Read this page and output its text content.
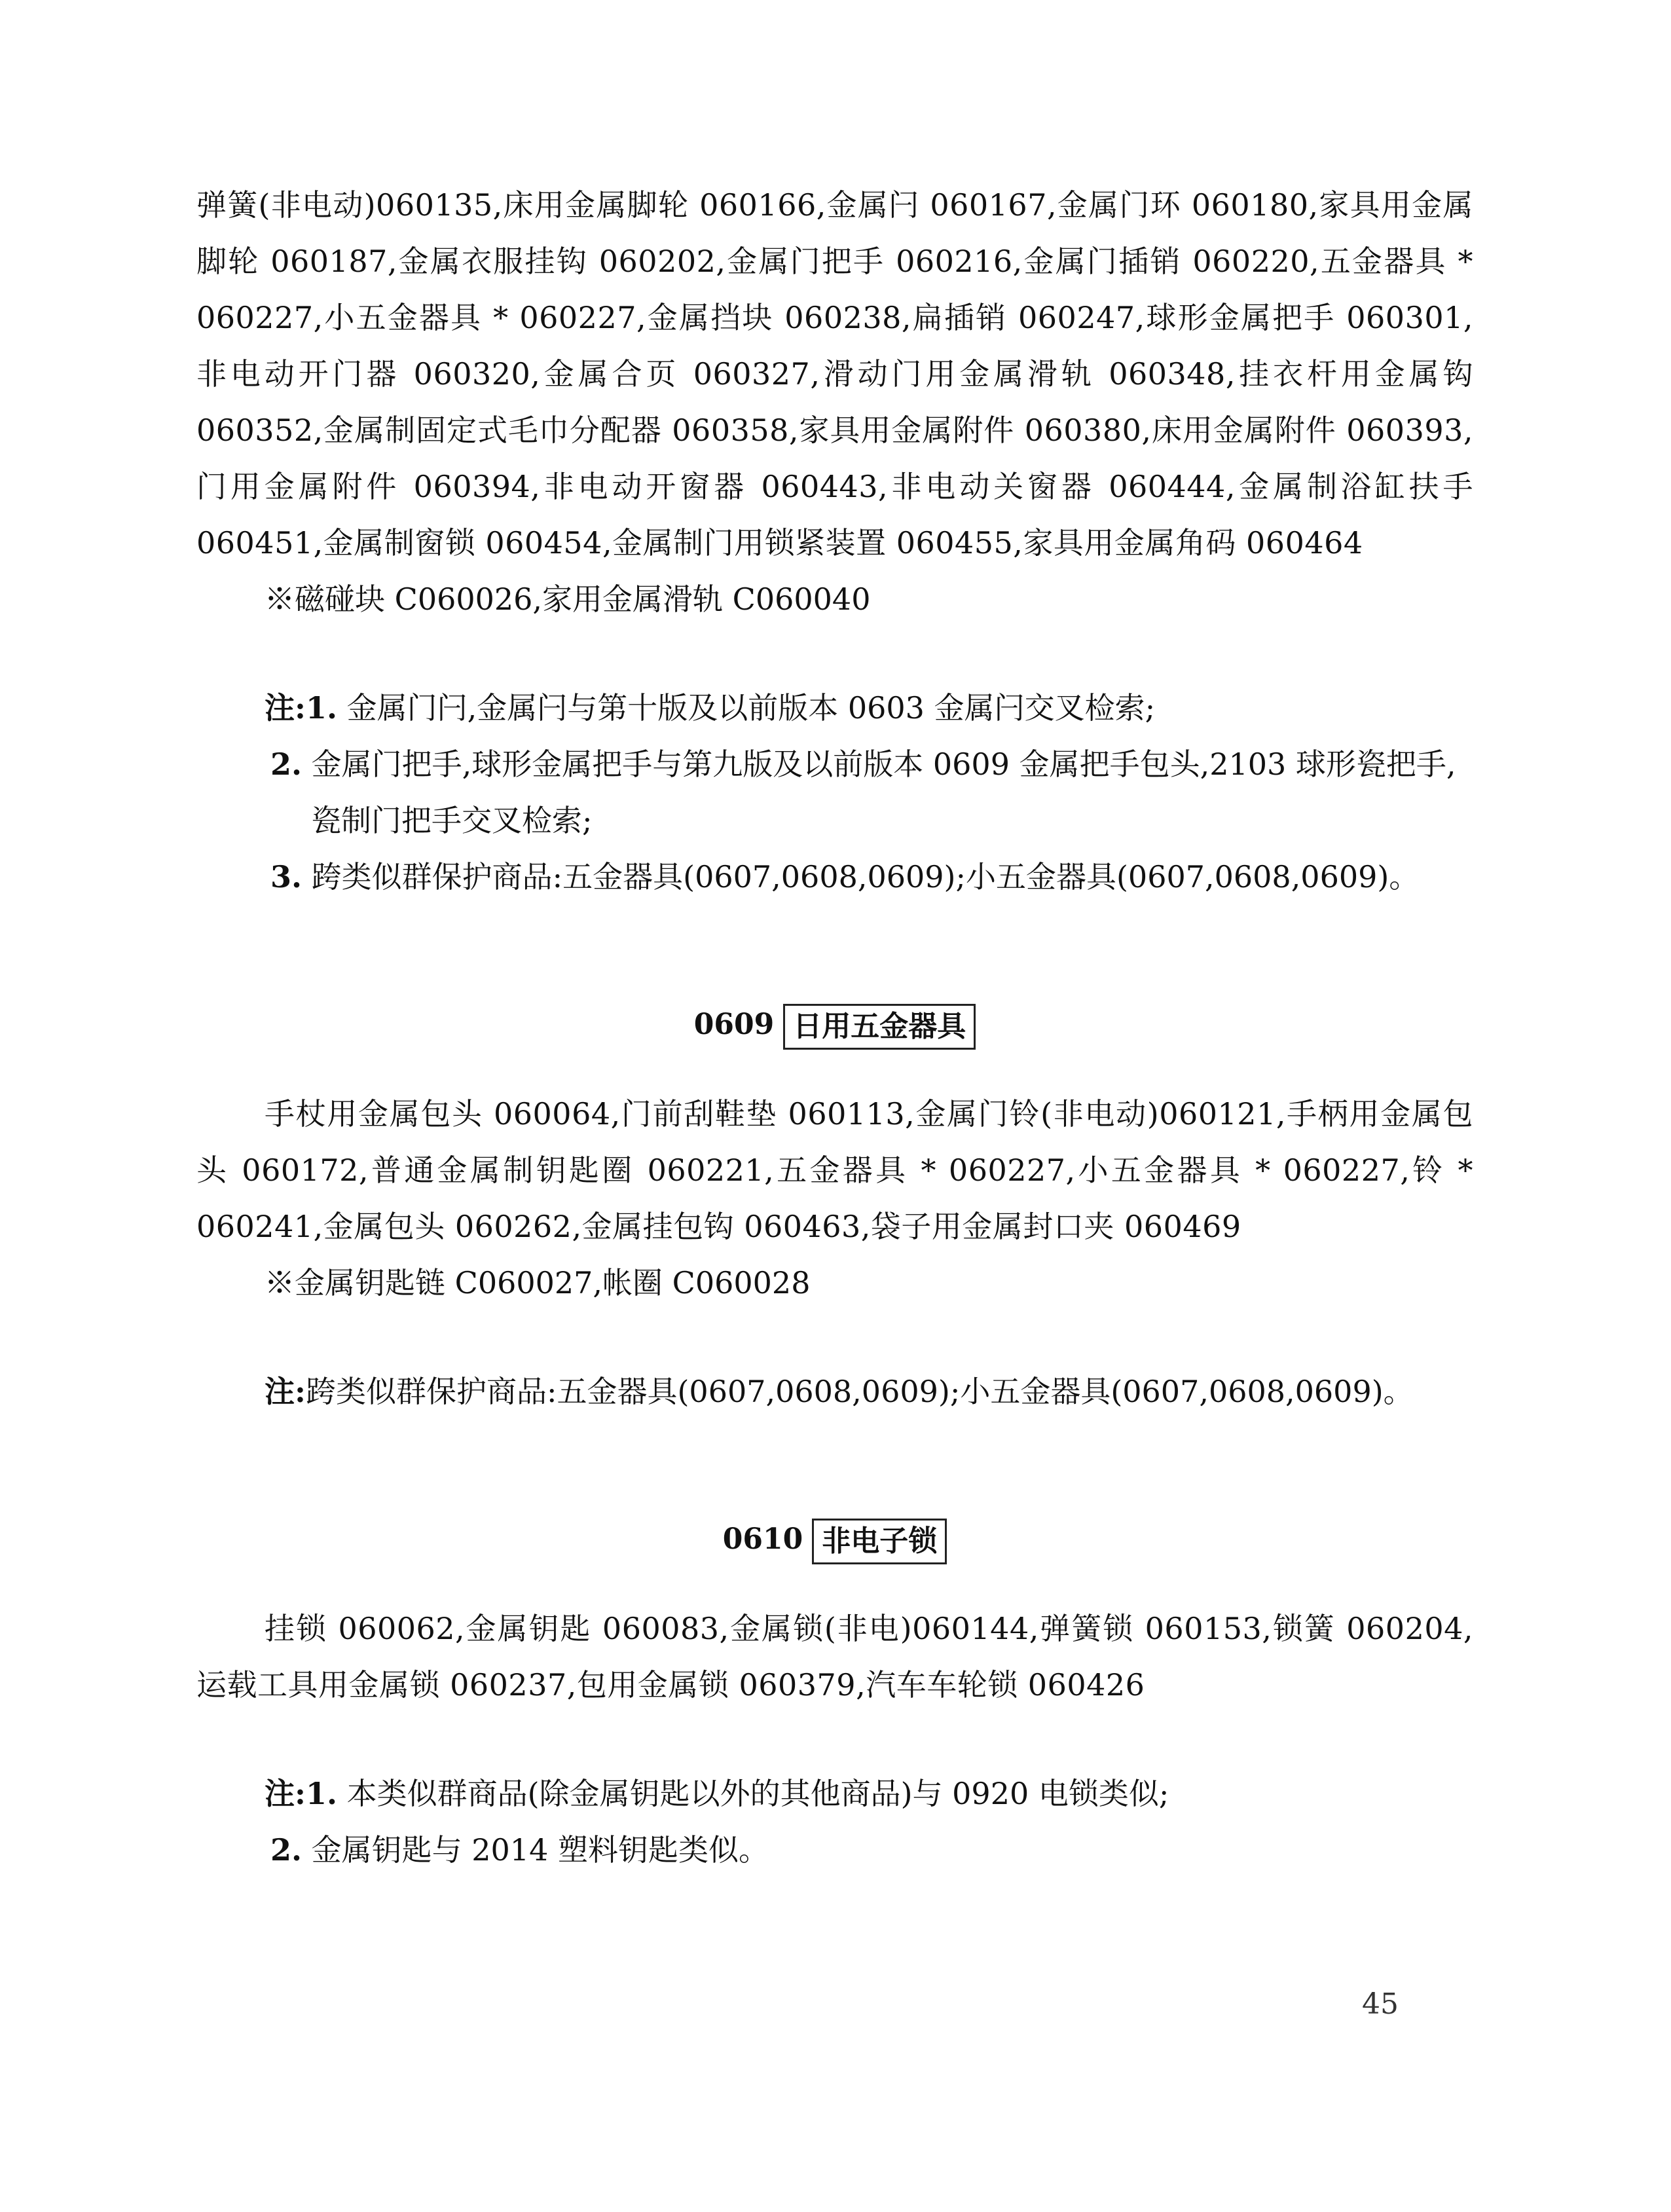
弹簧(非电动)060135,床用金属脚轮 060166,金属闩 060167,金属门环 060180,家具用金属脚轮 060187,金属衣服挂钩 060202,金属门把手 060216,金属门插销 060220,五金器具 * 060227,小五金器具 * 060227,金属挡块 060238,扁插销 060247,球形金属把手 060301,非电动开门器 060320,金属合页 060327,滑动门用金属滑轨 060348,挂衣杆用金属钩 060352,金属制固定式毛巾分配器 060358,家具用金属附件 060380,床用金属附件 060393,门用金属附件 060394,非电动开窗器 060443,非电动关窗器 060444,金属制浴缸扶手 060451,金属制窗锁 060454,金属制门用锁紧装置 060455,家具用金属角码 060464

※磁碰块 C060026,家用金属滑轨 C060040

注:1. 金属门闩,金属闩与第十版及以前版本 0603 金属闩交叉检索;

2. 金属门把手,球形金属把手与第九版及以前版本 0609 金属把手包头,2103 球形瓷把手,瓷制门把手交叉检索;

3. 跨类似群保护商品:五金器具(0607,0608,0609);小五金器具(0607,0608,0609)。

0609 日用五金器具

手杖用金属包头 060064,门前刮鞋垫 060113,金属门铃(非电动)060121,手柄用金属包头 060172,普通金属制钥匙圈 060221,五金器具 * 060227,小五金器具 * 060227,铃 * 060241,金属包头 060262,金属挂包钩 060463,袋子用金属封口夹 060469

※金属钥匙链 C060027,帐圈 C060028

注:跨类似群保护商品:五金器具(0607,0608,0609);小五金器具(0607,0608,0609)。

0610 非电子锁

挂锁 060062,金属钥匙 060083,金属锁(非电)060144,弹簧锁 060153,锁簧 060204,运载工具用金属锁 060237,包用金属锁 060379,汽车车轮锁 060426

注:1. 本类似群商品(除金属钥匙以外的其他商品)与 0920 电锁类似;

2. 金属钥匙与 2014 塑料钥匙类似。

45
